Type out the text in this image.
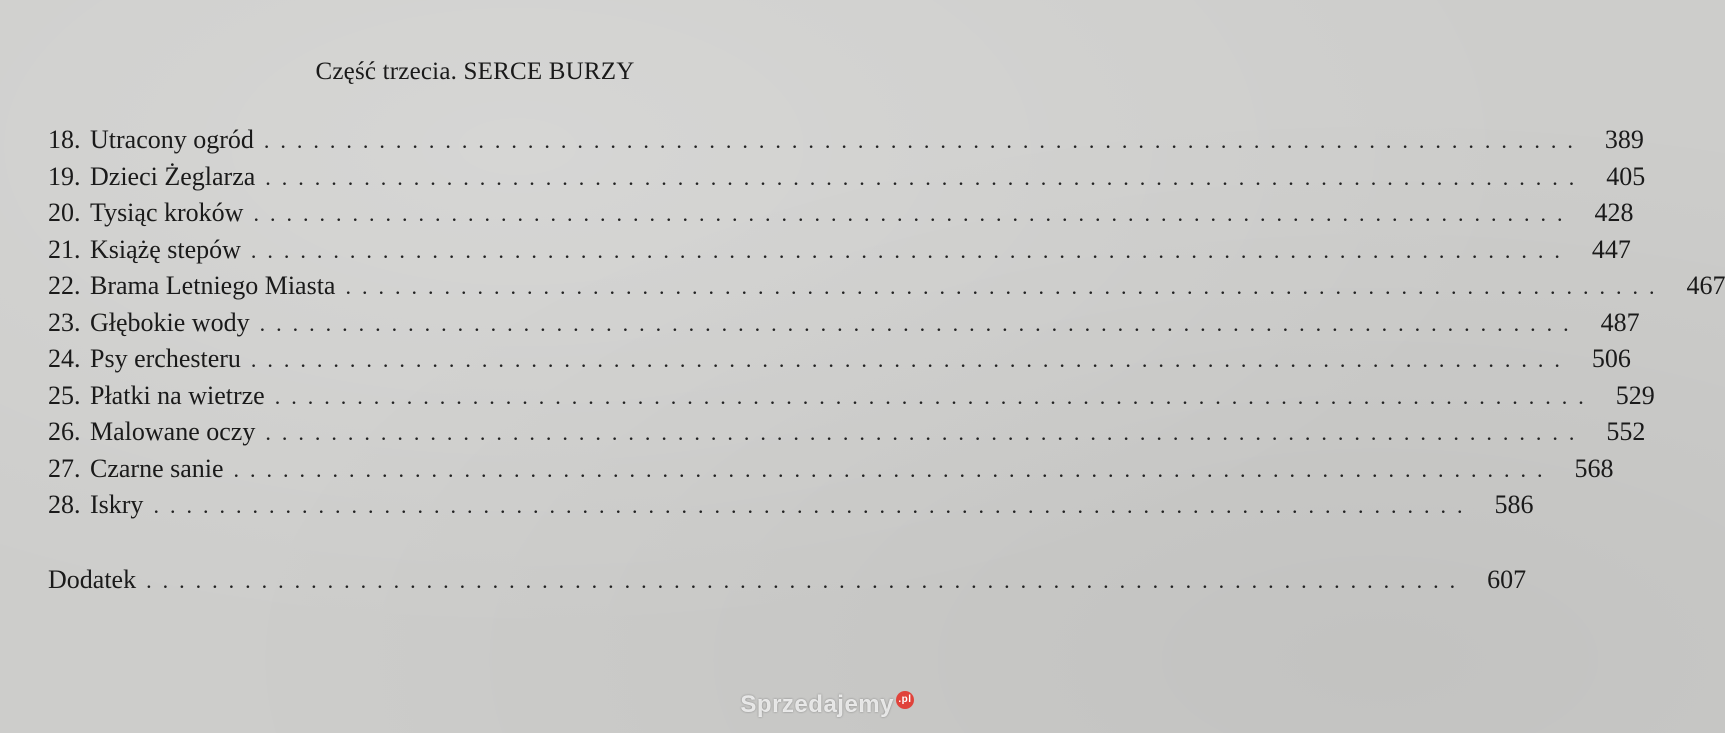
Część trzecia. SERCE BURZY
18. Utracony ogród ................................................................................ 389
19. Dzieci Żeglarza ................................................................................ 405
20. Tysiąc kroków ................................................................................ 428
21. Książę stepów ................................................................................ 447
22. Brama Letniego Miasta ................................................................................ 467
23. Głębokie wody ................................................................................ 487
24. Psy erchesteru ................................................................................ 506
25. Płatki na wietrze ................................................................................ 529
26. Malowane oczy ................................................................................ 552
27. Czarne sanie ................................................................................ 568
28. Iskry ................................................................................ 586
Dodatek ................................................................................ 607
Sprzedajemy $^{.pl}$
